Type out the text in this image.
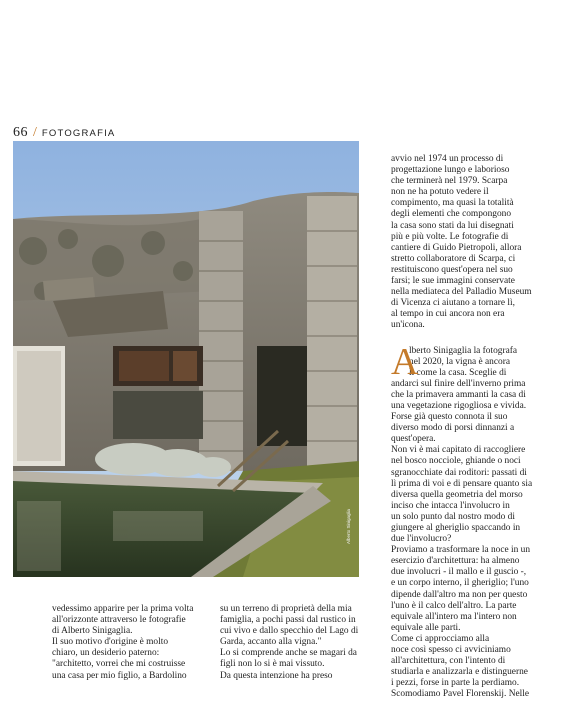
66 / FOTOGRAFIA
Alberto Sinigaglia

avvio nel 1974 un processo di

progettazione lungo e laborioso

che terminerà nel 1979. Scarpa

non ne ha potuto vedere il

compimento, ma quasi la totalità

degli elementi che compongono

la casa sono stati da lui disegnati

più e più volte. Le fotografie di

cantiere di Guido Pietropoli, allora

stretto collaboratore di Scarpa, ci

restituiscono quest'opera nel suo

farsi; le sue immagini conservate

nella mediateca del Palladio Museum

di Vicenza ci aiutano a tornare lì,

al tempo in cui ancora non era

un'icona.

A

lberto Sinigaglia la fotografa

nel 2020, la vigna è ancora

lì come la casa. Sceglie di

andarci sul finire dell'inverno prima

che la primavera ammanti la casa di

una vegetazione rigogliosa e vivida.

Forse già questo connota il suo

diverso modo di porsi dinnanzi a

quest'opera.

Non vi è mai capitato di raccogliere

nel bosco nocciole, ghiande o noci

sgranocchiate dai roditori: passati di

lì prima di voi e di pensare quanto sia

diversa quella geometria del morso

inciso che intacca l'involucro in

un solo punto dal nostro modo di

giungere al gheriglio spaccando in

due l'involucro?

Proviamo a trasformare la noce in un

esercizio d'architettura: ha almeno

due involucri - il mallo e il guscio -,

e un corpo interno, il gheriglio; l'uno

dipende dall'altro ma non per questo

l'uno è il calco dell'altro. La parte

equivale all'intero ma l'intero non

equivale alle parti.

Come ci approcciamo alla

noce così spesso ci avviciniamo

all'architettura, con l'intento di

studiarla e analizzarla e distinguerne

i pezzi, forse in parte la perdiamo.

Scomodiamo Pavel Florenskij. Nelle

vedessimo apparire per la prima volta

all'orizzonte attraverso le fotografie

di Alberto Sinigaglia.

Il suo motivo d'origine è molto

chiaro, un desiderio paterno:

"architetto, vorrei che mi costruisse

una casa per mio figlio, a Bardolino

su un terreno di proprietà della mia

famiglia, a pochi passi dal rustico in

cui vivo e dallo specchio del Lago di

Garda, accanto alla vigna."

Lo si comprende anche se magari da

figli non lo si è mai vissuto.

Da questa intenzione ha preso
